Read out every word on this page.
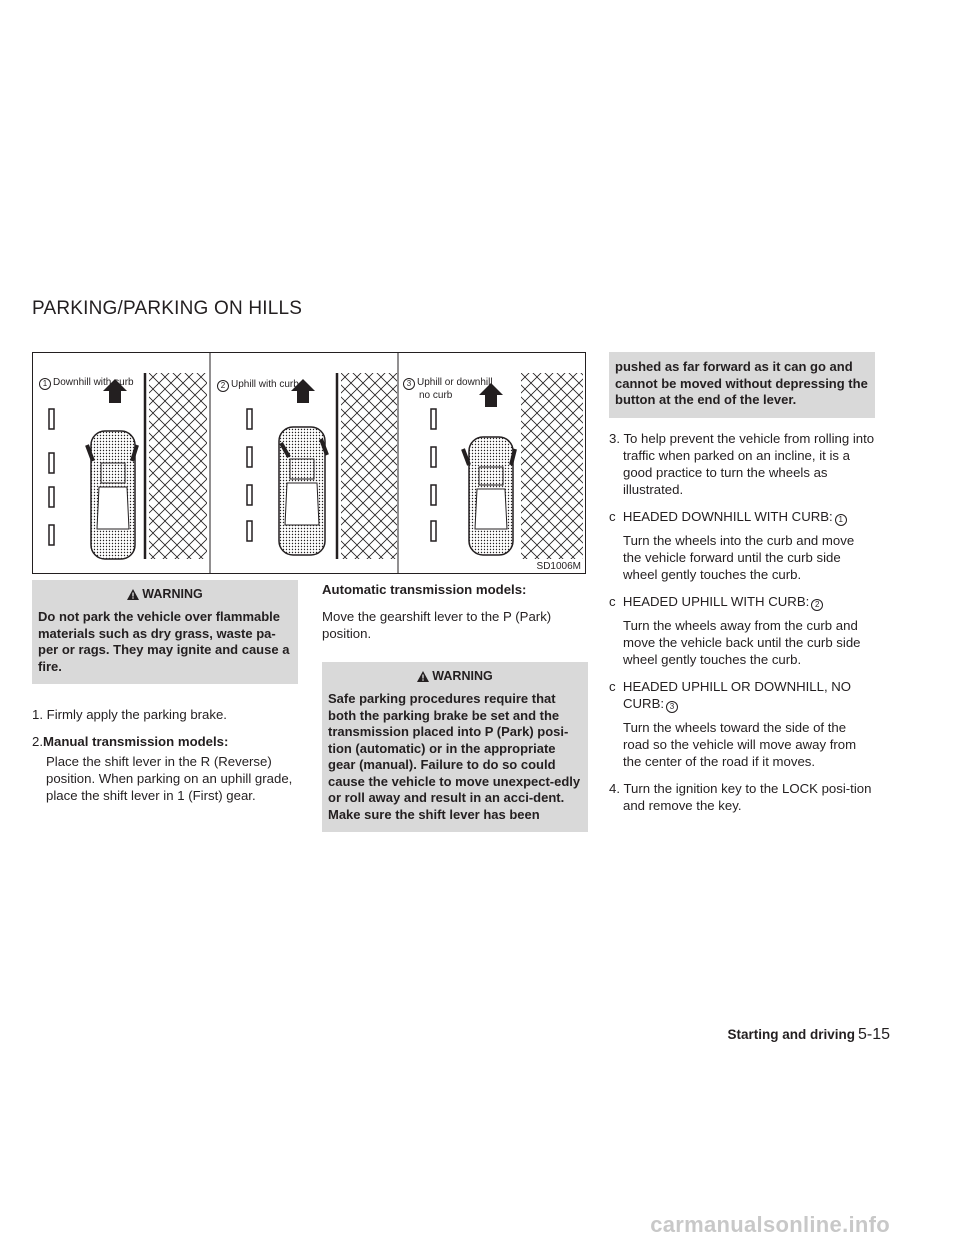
PARKING/PARKING ON HILLS
1 Downhill with curb	2 Uphill with curb	3 Uphill or downhill
no curb
SD1006M
WARNING

Do not park the vehicle over flammable materials such as dry grass, waste pa-per or rags. They may ignite and cause a fire.

1. Firmly apply the parking brake.

2.Manual transmission models:

Place the shift lever in the R (Reverse) position. When parking on an uphill grade, place the shift lever in 1 (First) gear.

Automatic transmission models:

Move the gearshift lever to the P (Park) position.

WARNING

Safe parking procedures require that both the parking brake be set and the transmission placed into P (Park) posi-tion (automatic) or in the appropriate gear (manual). Failure to do so could cause the vehicle to move unexpect-edly or roll away and result in an acci-dent. Make sure the shift lever has been

pushed as far forward as it can go and cannot be moved without depressing the button at the end of the lever.

3. To help prevent the vehicle from rolling into traffic when parked on an incline, it is a good practice to turn the wheels as illustrated.

c  HEADED DOWNHILL WITH CURB: 1

Turn the wheels into the curb and move the vehicle forward until the curb side wheel gently touches the curb.

c  HEADED UPHILL WITH CURB: 2

Turn the wheels away from the curb and move the vehicle back until the curb side wheel gently touches the curb.

c  HEADED UPHILL OR DOWNHILL, NO CURB: 3

Turn the wheels toward the side of the road so the vehicle will move away from the center of the road if it moves.

4. Turn the ignition key to the LOCK posi-tion and remove the key.

Starting and driving 5-15
carmanualsonline.info
